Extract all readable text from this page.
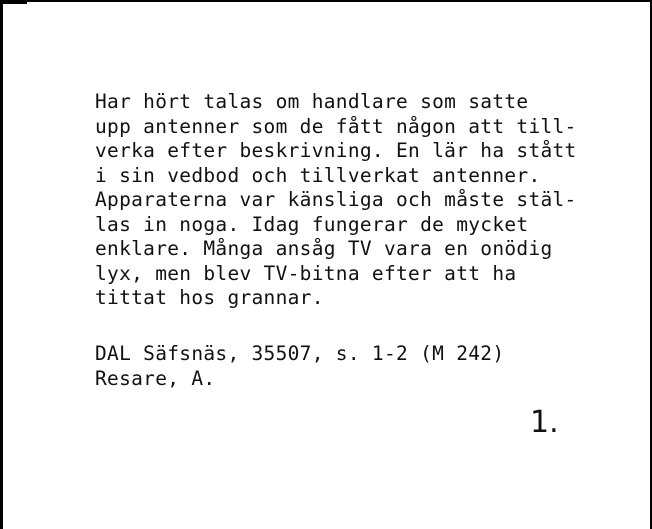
Har hört talas om handlare som satte
upp antenner som de fått någon att till-
verka efter beskrivning. En lär ha stått
i sin vedbod och tillverkat antenner.
Apparaterna var känsliga och måste stäl-
las in noga. Idag fungerar de mycket
enklare. Många ansåg TV vara en onödig
lyx, men blev TV-bitna efter att ha
tittat hos grannar.

DAL Säfsnäs, 35507, s. 1-2 (M 242)
Resare, A.

1.
